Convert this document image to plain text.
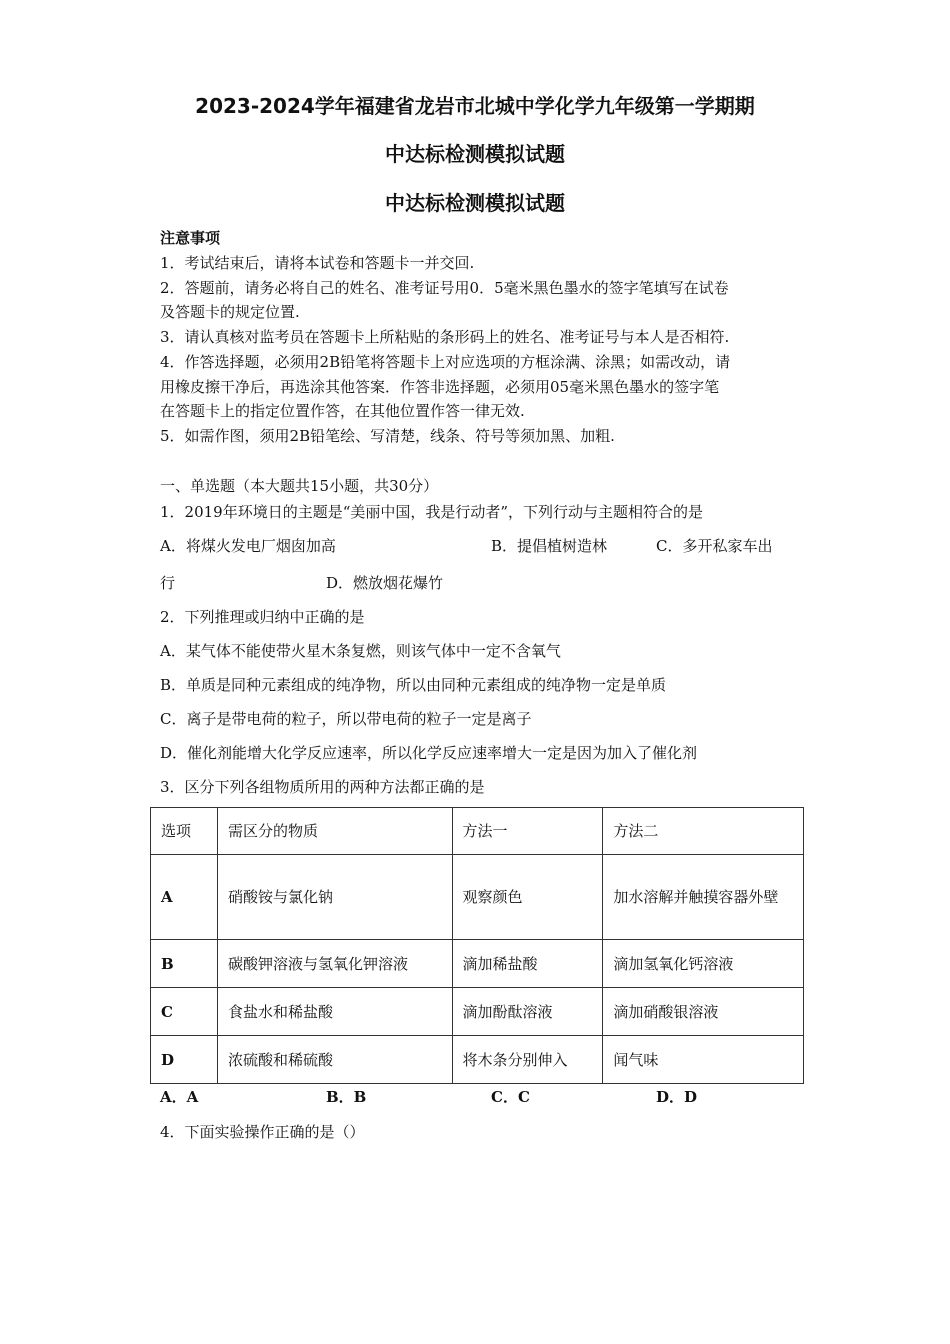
2023-2024学年福建省龙岩市北城中学化学九年级第一学期期
中达标检测模拟试题
中达标检测模拟试题
注意事项
1．考试结束后，请将本试卷和答题卡一并交回.
2．答题前，请务必将自己的姓名、准考证号用0．5毫米黑色墨水的签字笔填写在试卷
及答题卡的规定位置.
3．请认真核对监考员在答题卡上所粘贴的条形码上的姓名、准考证号与本人是否相符.
4．作答选择题，必须用2B铅笔将答题卡上对应选项的方框涂满、涂黑；如需改动，请
用橡皮擦干净后，再选涂其他答案．作答非选择题，必须用05毫米黑色墨水的签字笔
在答题卡上的指定位置作答，在其他位置作答一律无效.
5．如需作图，须用2B铅笔绘、写清楚，线条、符号等须加黑、加粗.
一、单选题（本大题共15小题，共30分）
1．2019年环境日的主题是“美丽中国，我是行动者”，下列行动与主题相符合的是
A．将煤火发电厂烟囱加高	B．提倡植树造林	C．多开私家车出
行	D．燃放烟花爆竹
2．下列推理或归纳中正确的是
A．某气体不能使带火星木条复燃，则该气体中一定不含氧气
B．单质是同种元素组成的纯净物，所以由同种元素组成的纯净物一定是单质
C．离子是带电荷的粒子，所以带电荷的粒子一定是离子
D．催化剂能增大化学反应速率，所以化学反应速率增大一定是因为加入了催化剂
3．区分下列各组物质所用的两种方法都正确的是
选项	需区分的物质	方法一	方法二
A	硝酸铵与氯化钠	观察颜色	加水溶解并触摸容器外壁
B	碳酸钾溶液与氢氧化钾溶液	滴加稀盐酸	滴加氢氧化钙溶液
C	食盐水和稀盐酸	滴加酚酞溶液	滴加硝酸银溶液
D	浓硫酸和稀硫酸	将木条分别伸入	闻气味
A．A	B．B	C．C	D．D
4．下面实验操作正确的是（）
